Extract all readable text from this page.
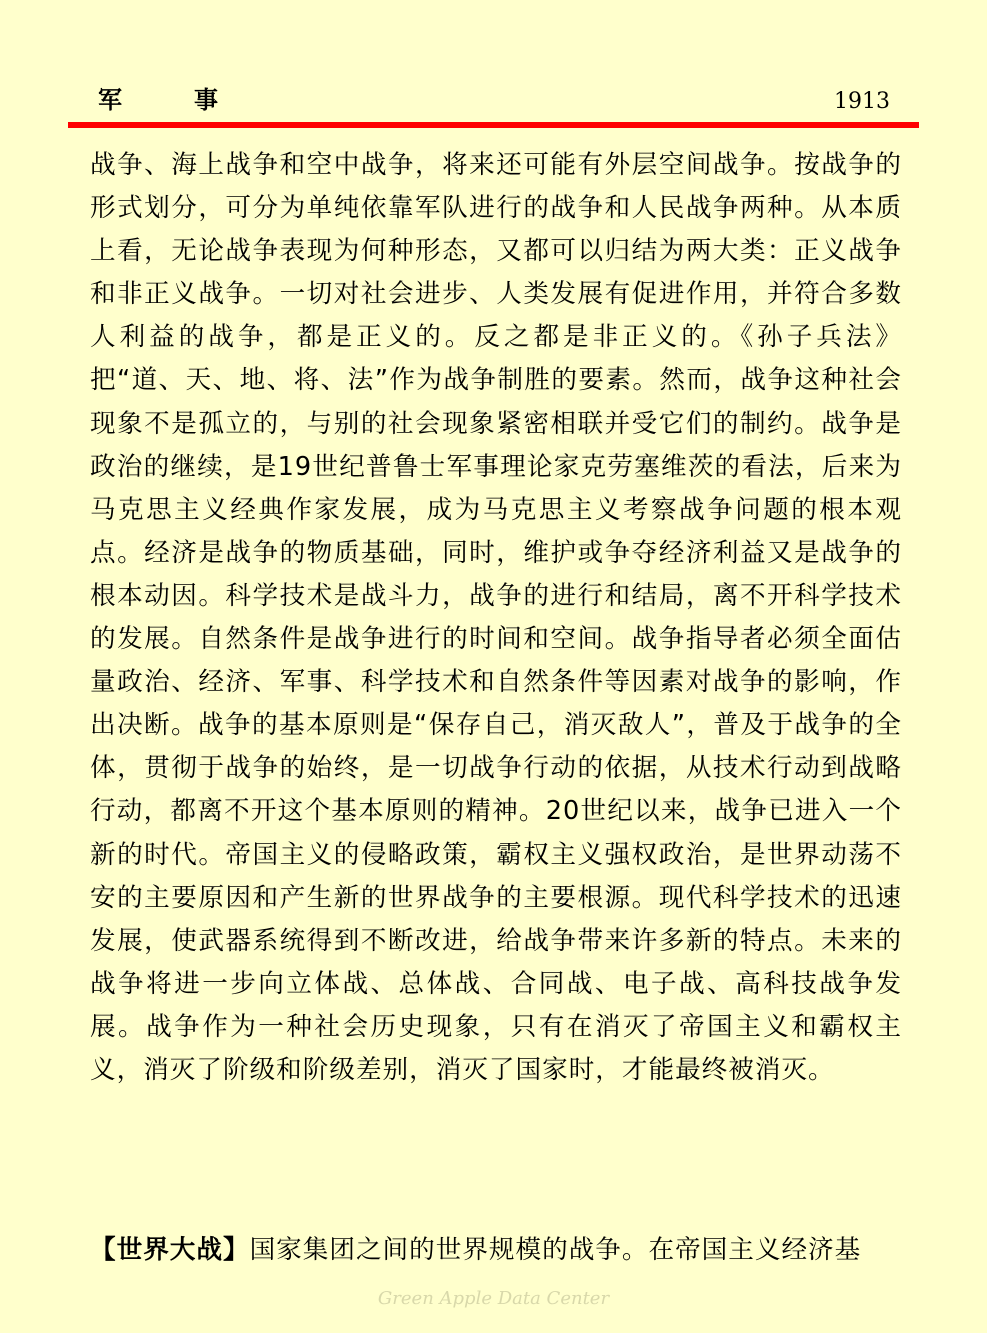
军事	1913

战争、海上战争和空中战争，将来还可能有外层空间战争。按战争的形式划分，可分为单纯依靠军队进行的战争和人民战争两种。从本质上看，无论战争表现为何种形态，又都可以归结为两大类：正义战争和非正义战争。一切对社会进步、人类发展有促进作用，并符合多数人利益的战争，都是正义的。反之都是非正义的。《孙子兵法》把“道、天、地、将、法”作为战争制胜的要素。然而，战争这种社会现象不是孤立的，与别的社会现象紧密相联并受它们的制约。战争是政治的继续，是19世纪普鲁士军事理论家克劳塞维茨的看法，后来为马克思主义经典作家发展，成为马克思主义考察战争问题的根本观点。经济是战争的物质基础，同时，维护或争夺经济利益又是战争的根本动因。科学技术是战斗力，战争的进行和结局，离不开科学技术的发展。自然条件是战争进行的时间和空间。战争指导者必须全面估量政治、经济、军事、科学技术和自然条件等因素对战争的影响，作出决断。战争的基本原则是“保存自己，消灭敌人”，普及于战争的全体，贯彻于战争的始终，是一切战争行动的依据，从技术行动到战略行动，都离不开这个基本原则的精神。20世纪以来，战争已进入一个新的时代。帝国主义的侵略政策，霸权主义强权政治，是世界动荡不安的主要原因和产生新的世界战争的主要根源。现代科学技术的迅速发展，使武器系统得到不断改进，给战争带来许多新的特点。未来的战争将进一步向立体战、总体战、合同战、电子战、高科技战争发展。战争作为一种社会历史现象，只有在消灭了帝国主义和霸权主义，消灭了阶级和阶级差别，消灭了国家时，才能最终被消灭。

【世界大战】国家集团之间的世界规模的战争。在帝国主义经济基

Green Apple Data Center
